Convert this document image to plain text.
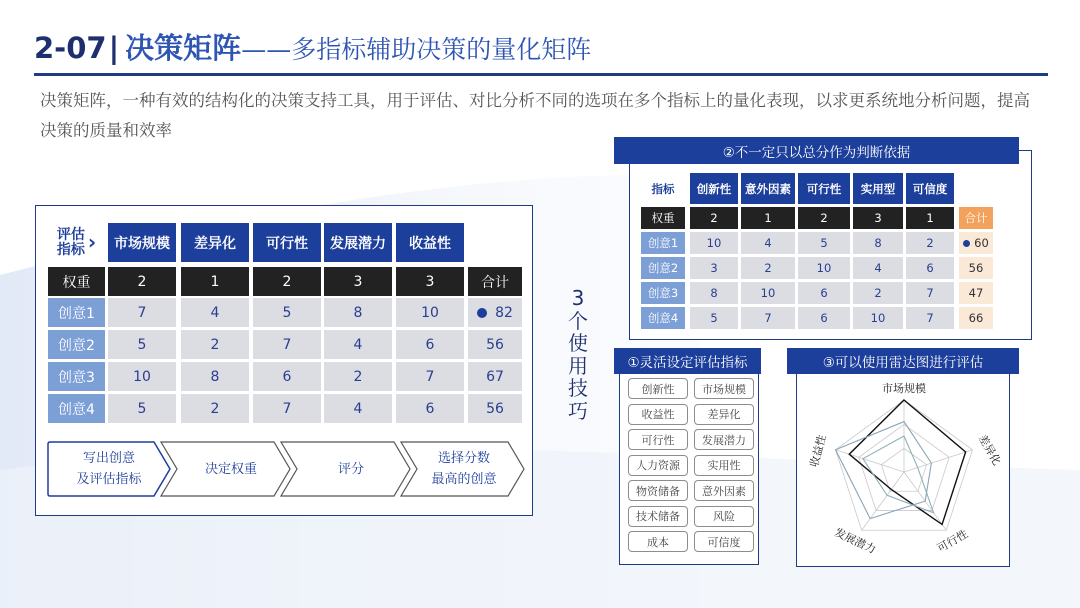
2-07| 决策矩阵——多指标辅助决策的量化矩阵
决策矩阵，一种有效的结构化的决策支持工具，用于评估、对比分析不同的选项在多个指标上的量化表现，以求更系统地分析问题，提高决策的质量和效率
评估
指标 ›	市场规模	差异化	可行性	发展潜力	收益性
权重	2	1	2	3	3	合计
创意1	7	4	5	8	10	82
创意2	5	2	7	4	6	56
创意3	10	8	6	2	7	67
创意4	5	2	7	4	6	56
写出创意
及评估指标
决定权重	评分
选择分数
最高的创意
3
个
使
用
技
巧
指标	创新性	意外因素	可行性	实用型	可信度
权重	2	1	2	3	1	合计
创意1	10	4	5	8	2	60
创意2	3	2	10	4	6	56
创意3	8	10	6	2	7	47
创意4	5	7	6	10	7	66
②不一定只以总分作为判断依据
创新性	市场规模
收益性	差异化
可行性	发展潜力
人力资源	实用性
物资储备	意外因素
技术储备	风险
成本	可信度
①灵活设定评估指标
市场规模
差异化
可行性
发展潜力
收益性
③可以使用雷达图进行评估
